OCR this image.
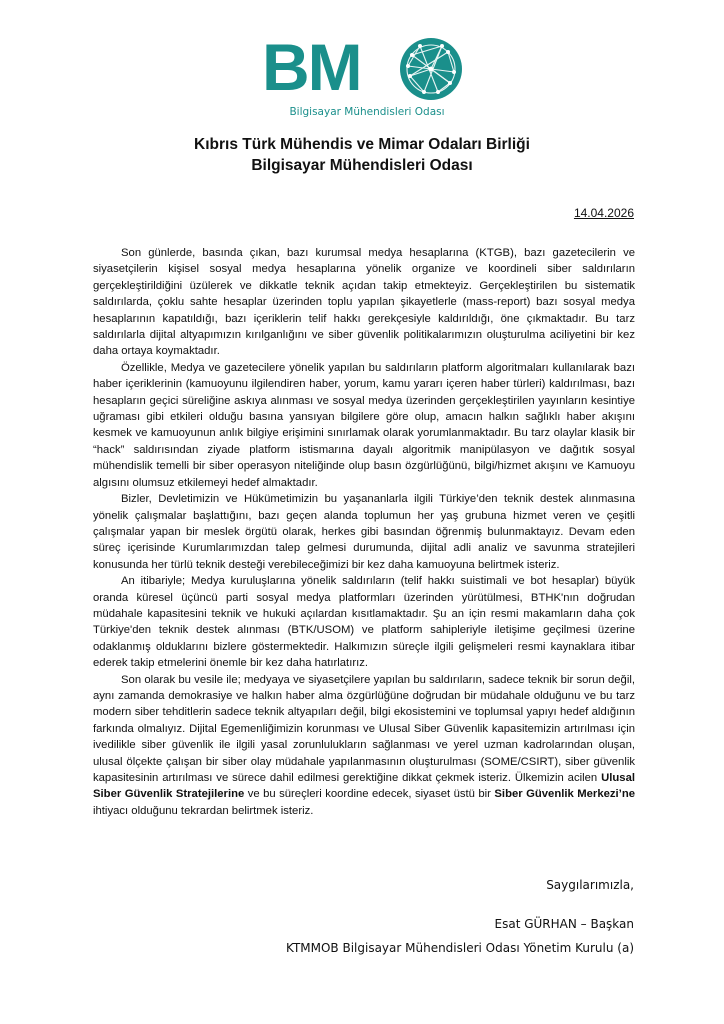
BM
Bilgisayar Mühendisleri Odası
Kıbrıs Türk Mühendis ve Mimar Odaları Birliği
Bilgisayar Mühendisleri Odası
14.04.2026

Son günlerde, basında çıkan, bazı kurumsal medya hesaplarına (KTGB), bazı gazetecilerin ve siyasetçilerin kişisel sosyal medya hesaplarına yönelik organize ve koordineli siber saldırıların gerçekleştirildiğini üzülerek ve dikkatle teknik açıdan takip etmekteyiz. Gerçekleştirilen bu sistematik saldırılarda, çoklu sahte hesaplar üzerinden toplu yapılan şikayetlerle (mass-report) bazı sosyal medya hesaplarının kapatıldığı, bazı içeriklerin telif hakkı gerekçesiyle kaldırıldığı, öne çıkmaktadır. Bu tarz saldırılarla dijital altyapımızın kırılganlığını ve siber güvenlik politikalarımızın oluşturulma aciliyetini bir kez daha ortaya koymaktadır.

Özellikle, Medya ve gazetecilere yönelik yapılan bu saldırıların platform algoritmaları kullanılarak bazı haber içeriklerinin (kamuoyunu ilgilendiren haber, yorum, kamu yararı içeren haber türleri) kaldırılması, bazı hesapların geçici süreliğine askıya alınması ve sosyal medya üzerinden gerçekleştirilen yayınların kesintiye uğraması gibi etkileri olduğu basına yansıyan bilgilere göre olup, amacın halkın sağlıklı haber akışını kesmek ve kamuoyunun anlık bilgiye erişimini sınırlamak olarak yorumlanmaktadır. Bu tarz olaylar klasik bir “hack” saldırısından ziyade platform istismarına dayalı algoritmik manipülasyon ve dağıtık sosyal mühendislik temelli bir siber operasyon niteliğinde olup basın özgürlüğünü, bilgi/hizmet akışını ve Kamuoyu algısını olumsuz etkilemeyi hedef almaktadır.

Bizler, Devletimizin ve Hükümetimizin bu yaşananlarla ilgili Türkiye’den teknik destek alınmasına yönelik çalışmalar başlattığını, bazı geçen alanda toplumun her yaş grubuna hizmet veren ve çeşitli çalışmalar yapan bir meslek örgütü olarak, herkes gibi basından öğrenmiş bulunmaktayız. Devam eden süreç içerisinde Kurumlarımızdan talep gelmesi durumunda, dijital adli analiz ve savunma stratejileri konusunda her türlü teknik desteği verebileceğimizi bir kez daha kamuoyuna belirtmek isteriz.

An itibariyle; Medya kuruluşlarına yönelik saldırıların (telif hakkı suistimali ve bot hesaplar) büyük oranda küresel üçüncü parti sosyal medya platformları üzerinden yürütülmesi, BTHK'nın doğrudan müdahale kapasitesini teknik ve hukuki açılardan kısıtlamaktadır. Şu an için resmi makamların daha çok Türkiye'den teknik destek alınması (BTK/USOM) ve platform sahipleriyle iletişime geçilmesi üzerine odaklanmış olduklarını bizlere göstermektedir. Halkımızın süreçle ilgili gelişmeleri resmi kaynaklara itibar ederek takip etmelerini önemle bir kez daha hatırlatırız.

Son olarak bu vesile ile; medyaya ve siyasetçilere yapılan bu saldırıların, sadece teknik bir sorun değil, aynı zamanda demokrasiye ve halkın haber alma özgürlüğüne doğrudan bir müdahale olduğunu ve bu tarz modern siber tehditlerin sadece teknik altyapıları değil, bilgi ekosistemini ve toplumsal yapıyı hedef aldığının farkında olmalıyız. Dijital Egemenliğimizin korunması ve Ulusal Siber Güvenlik kapasitemizin artırılması için ivedilikle siber güvenlik ile ilgili yasal zorunlulukların sağlanması ve yerel uzman kadrolarından oluşan, ulusal ölçekte çalışan bir siber olay müdahale yapılanmasının oluşturulması (SOME/CSIRT), siber güvenlik kapasitesinin artırılması ve sürece dahil edilmesi gerektiğine dikkat çekmek isteriz. Ülkemizin acilen Ulusal Siber Güvenlik Stratejilerine ve bu süreçleri koordine edecek, siyaset üstü bir Siber Güvenlik Merkezi’ne ihtiyacı olduğunu tekrardan belirtmek isteriz.

Saygılarımızla,
Esat GÜRHAN – Başkan
KTMMOB Bilgisayar Mühendisleri Odası Yönetim Kurulu (a)
